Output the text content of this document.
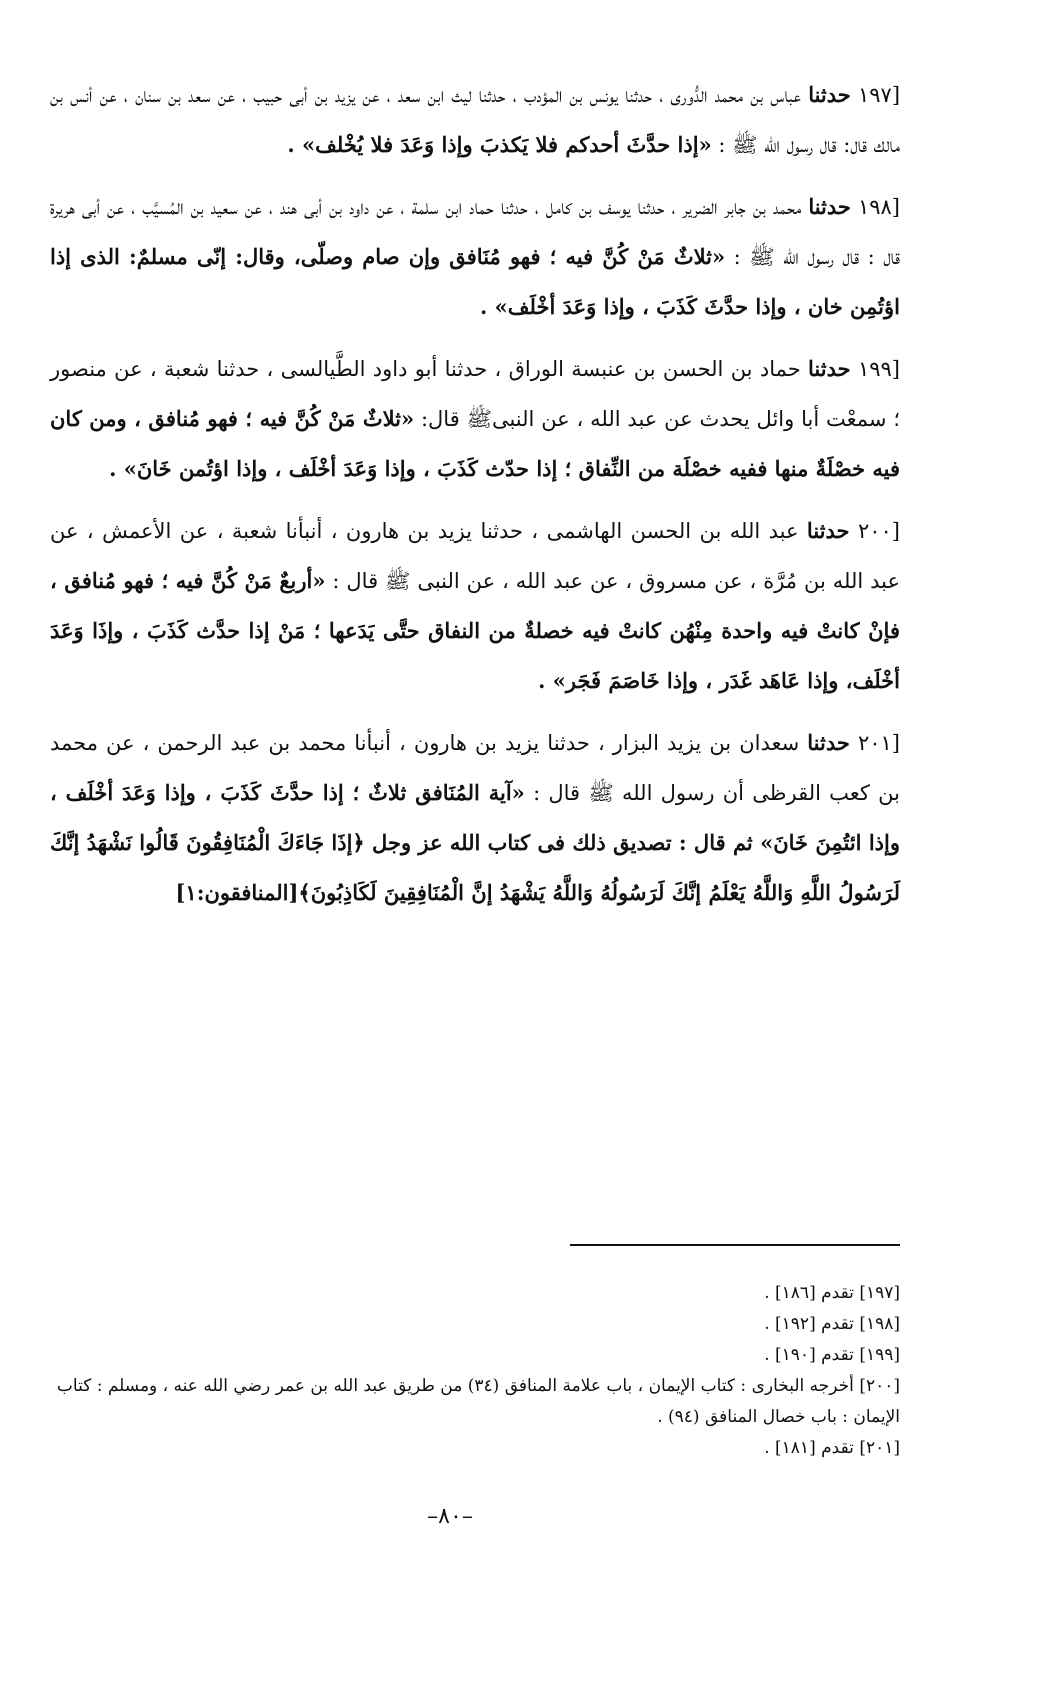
[١٩٧ حدثنا عباس بن محمد الدُّورى ، حدثنا يونس بن المؤدب ، حدثنا ليث ابن سعد ، عن يزيد بن أبى حبيب ، عن سعد بن سنان ، عن أنس بن مالك قال: قال رسول الله ﷺ : «إذا حدَّثَ أحدكم فلا يَكذبَ وإذا وَعَدَ فلا يُخْلف» .

[١٩٨ حدثنا محمد بن جابر الضرير ، حدثنا يوسف بن كامل ، حدثنا حماد ابن سلمة ، عن داود بن أبى هند ، عن سعيد بن المُسيَّب ، عن أبى هريرة قال : قال رسول الله ﷺ : «ثلاثٌ مَنْ كُنَّ فيه ؛ فهو مُنَافق وإن صام وصلّى، وقال: إنّى مسلمٌ: الذى إذا اؤتُمِن خان ، وإذا حدَّثَ كَذَبَ ، وإذا وَعَدَ أخْلَف» .

[١٩٩ حدثنا حماد بن الحسن بن عنبسة الوراق ، حدثنا أبو داود الطَّيالسى ، حدثنا شعبة ، عن منصور ؛ سمعْت أبا وائل يحدث عن عبد الله ، عن النبىﷺ قال: «ثلاثٌ مَنْ كُنَّ فيه ؛ فهو مُنافق ، ومن كان فيه خصْلَةٌ منها ففيه خصْلَة من النِّفاق ؛ إذا حدّث كَذَبَ ، وإذا وَعَدَ أخْلَف ، وإذا اؤتُمن خَانَ» .

[٢٠٠ حدثنا عبد الله بن الحسن الهاشمى ، حدثنا يزيد بن هارون ، أنبأنا شعبة ، عن الأعمش ، عن عبد الله بن مُرَّة ، عن مسروق ، عن عبد الله ، عن النبى ﷺ قال : «أربعٌ مَنْ كُنَّ فيه ؛ فهو مُنافق ، فإنْ كانتْ فيه واحدة مِنْهُن كانتْ فيه خصلةٌ من النفاق حتَّى يَدَعها ؛ مَنْ إذا حدَّث كَذَبَ ، وإذَا وَعَدَ أخْلَف، وإذا عَاهَد غَدَر ، وإذا خَاصَمَ فَجَر» .

[٢٠١ حدثنا سعدان بن يزيد البزار ، حدثنا يزيد بن هارون ، أنبأنا محمد بن عبد الرحمن ، عن محمد بن كعب القرظى أن رسول الله ﷺ قال : «آية المُنَافق ثلاثٌ ؛ إذا حدَّثَ كَذَبَ ، وإذا وَعَدَ أخْلَف ، وإذا ائتُمِنَ خَانَ» ثم قال : تصديق ذلك فى كتاب الله عز وجل ﴿إذَا جَاءَكَ الْمُنَافِقُونَ قَالُوا نَشْهَدُ إنَّكَ لَرَسُولُ اللَّهِ وَاللَّهُ يَعْلَمُ إنَّكَ لَرَسُولُهُ وَاللَّهُ يَشْهَدُ إنَّ الْمُنَافِقِينَ لَكَاذِبُونَ﴾[المنافقون:١]

[١٩٧] تقدم [١٨٦] .

[١٩٨] تقدم [١٩٢] .

[١٩٩] تقدم [١٩٠] .

[٢٠٠] أخرجه البخارى : كتاب الإيمان ، باب علامة المنافق (٣٤) من طريق عبد الله بن عمر رضي الله عنه ، ومسلم : كتاب الإيمان : باب خصال المنافق (٩٤) .

[٢٠١] تقدم [١٨١] .

–٨٠–
